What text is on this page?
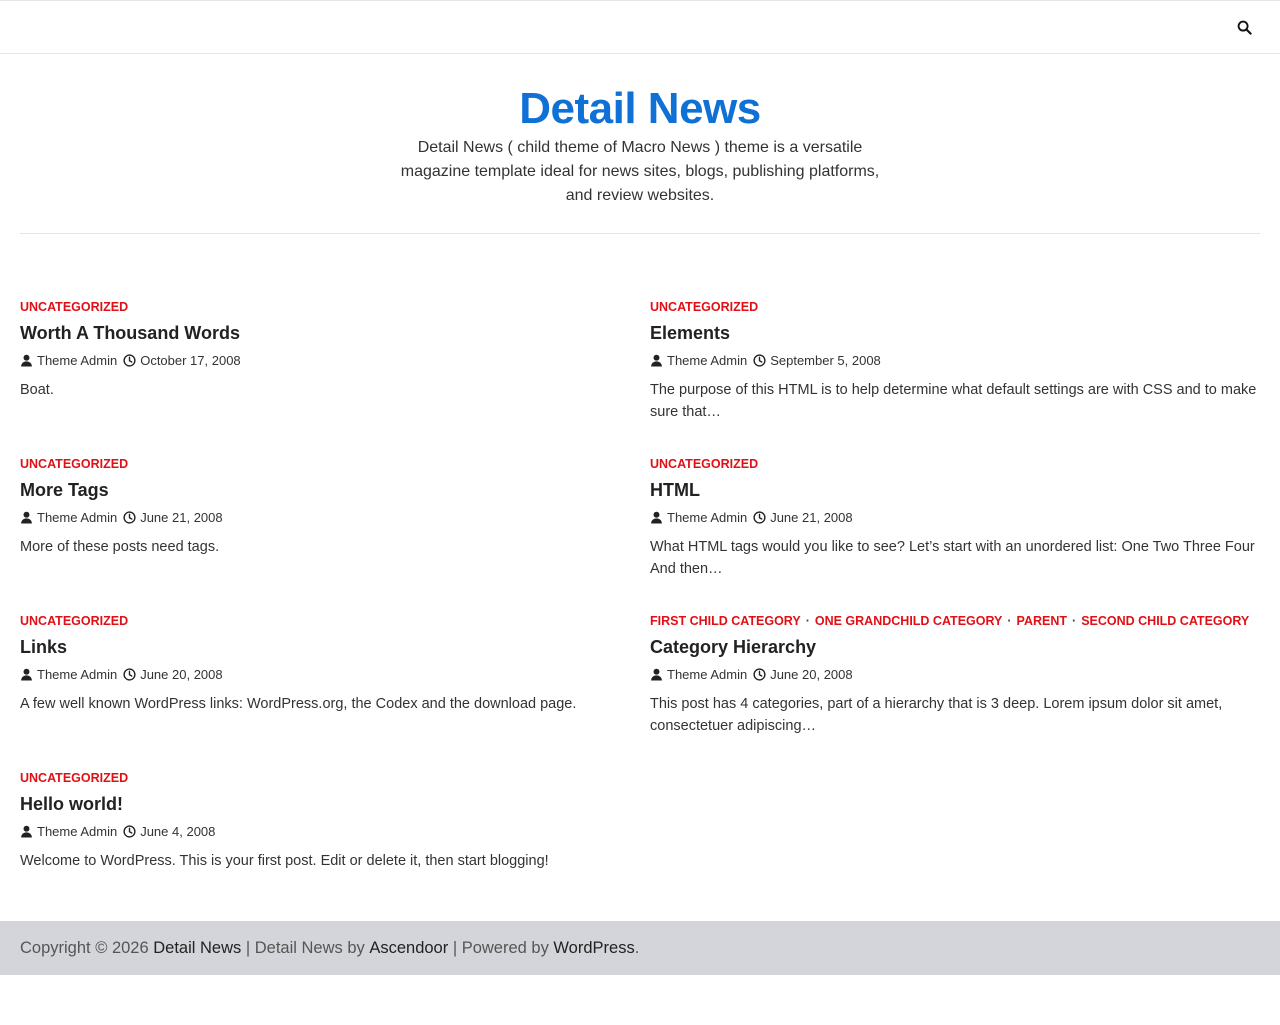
Detail News
Detail News ( child theme of Macro News ) theme is a versatile magazine template ideal for news sites, blogs, publishing platforms, and review websites.
UNCATEGORIZED
Worth A Thousand Words
Theme Admin October 17, 2008
Boat.
UNCATEGORIZED
Elements
Theme Admin September 5, 2008
The purpose of this HTML is to help determine what default settings are with CSS and to make sure that…
UNCATEGORIZED
More Tags
Theme Admin June 21, 2008
More of these posts need tags.
UNCATEGORIZED
HTML
Theme Admin June 21, 2008
What HTML tags would you like to see? Let’s start with an unordered list: One Two Three Four And then…
UNCATEGORIZED
Links
Theme Admin June 20, 2008
A few well known WordPress links: WordPress.org, the Codex and the download page.
FIRST CHILD CATEGORY · ONE GRANDCHILD CATEGORY · PARENT · SECOND CHILD CATEGORY
Category Hierarchy
Theme Admin June 20, 2008
This post has 4 categories, part of a hierarchy that is 3 deep. Lorem ipsum dolor sit amet, consectetuer adipiscing…
UNCATEGORIZED
Hello world!
Theme Admin June 4, 2008
Welcome to WordPress. This is your first post. Edit or delete it, then start blogging!
Copyright © 2026 Detail News | Detail News by Ascendoor | Powered by WordPress .
